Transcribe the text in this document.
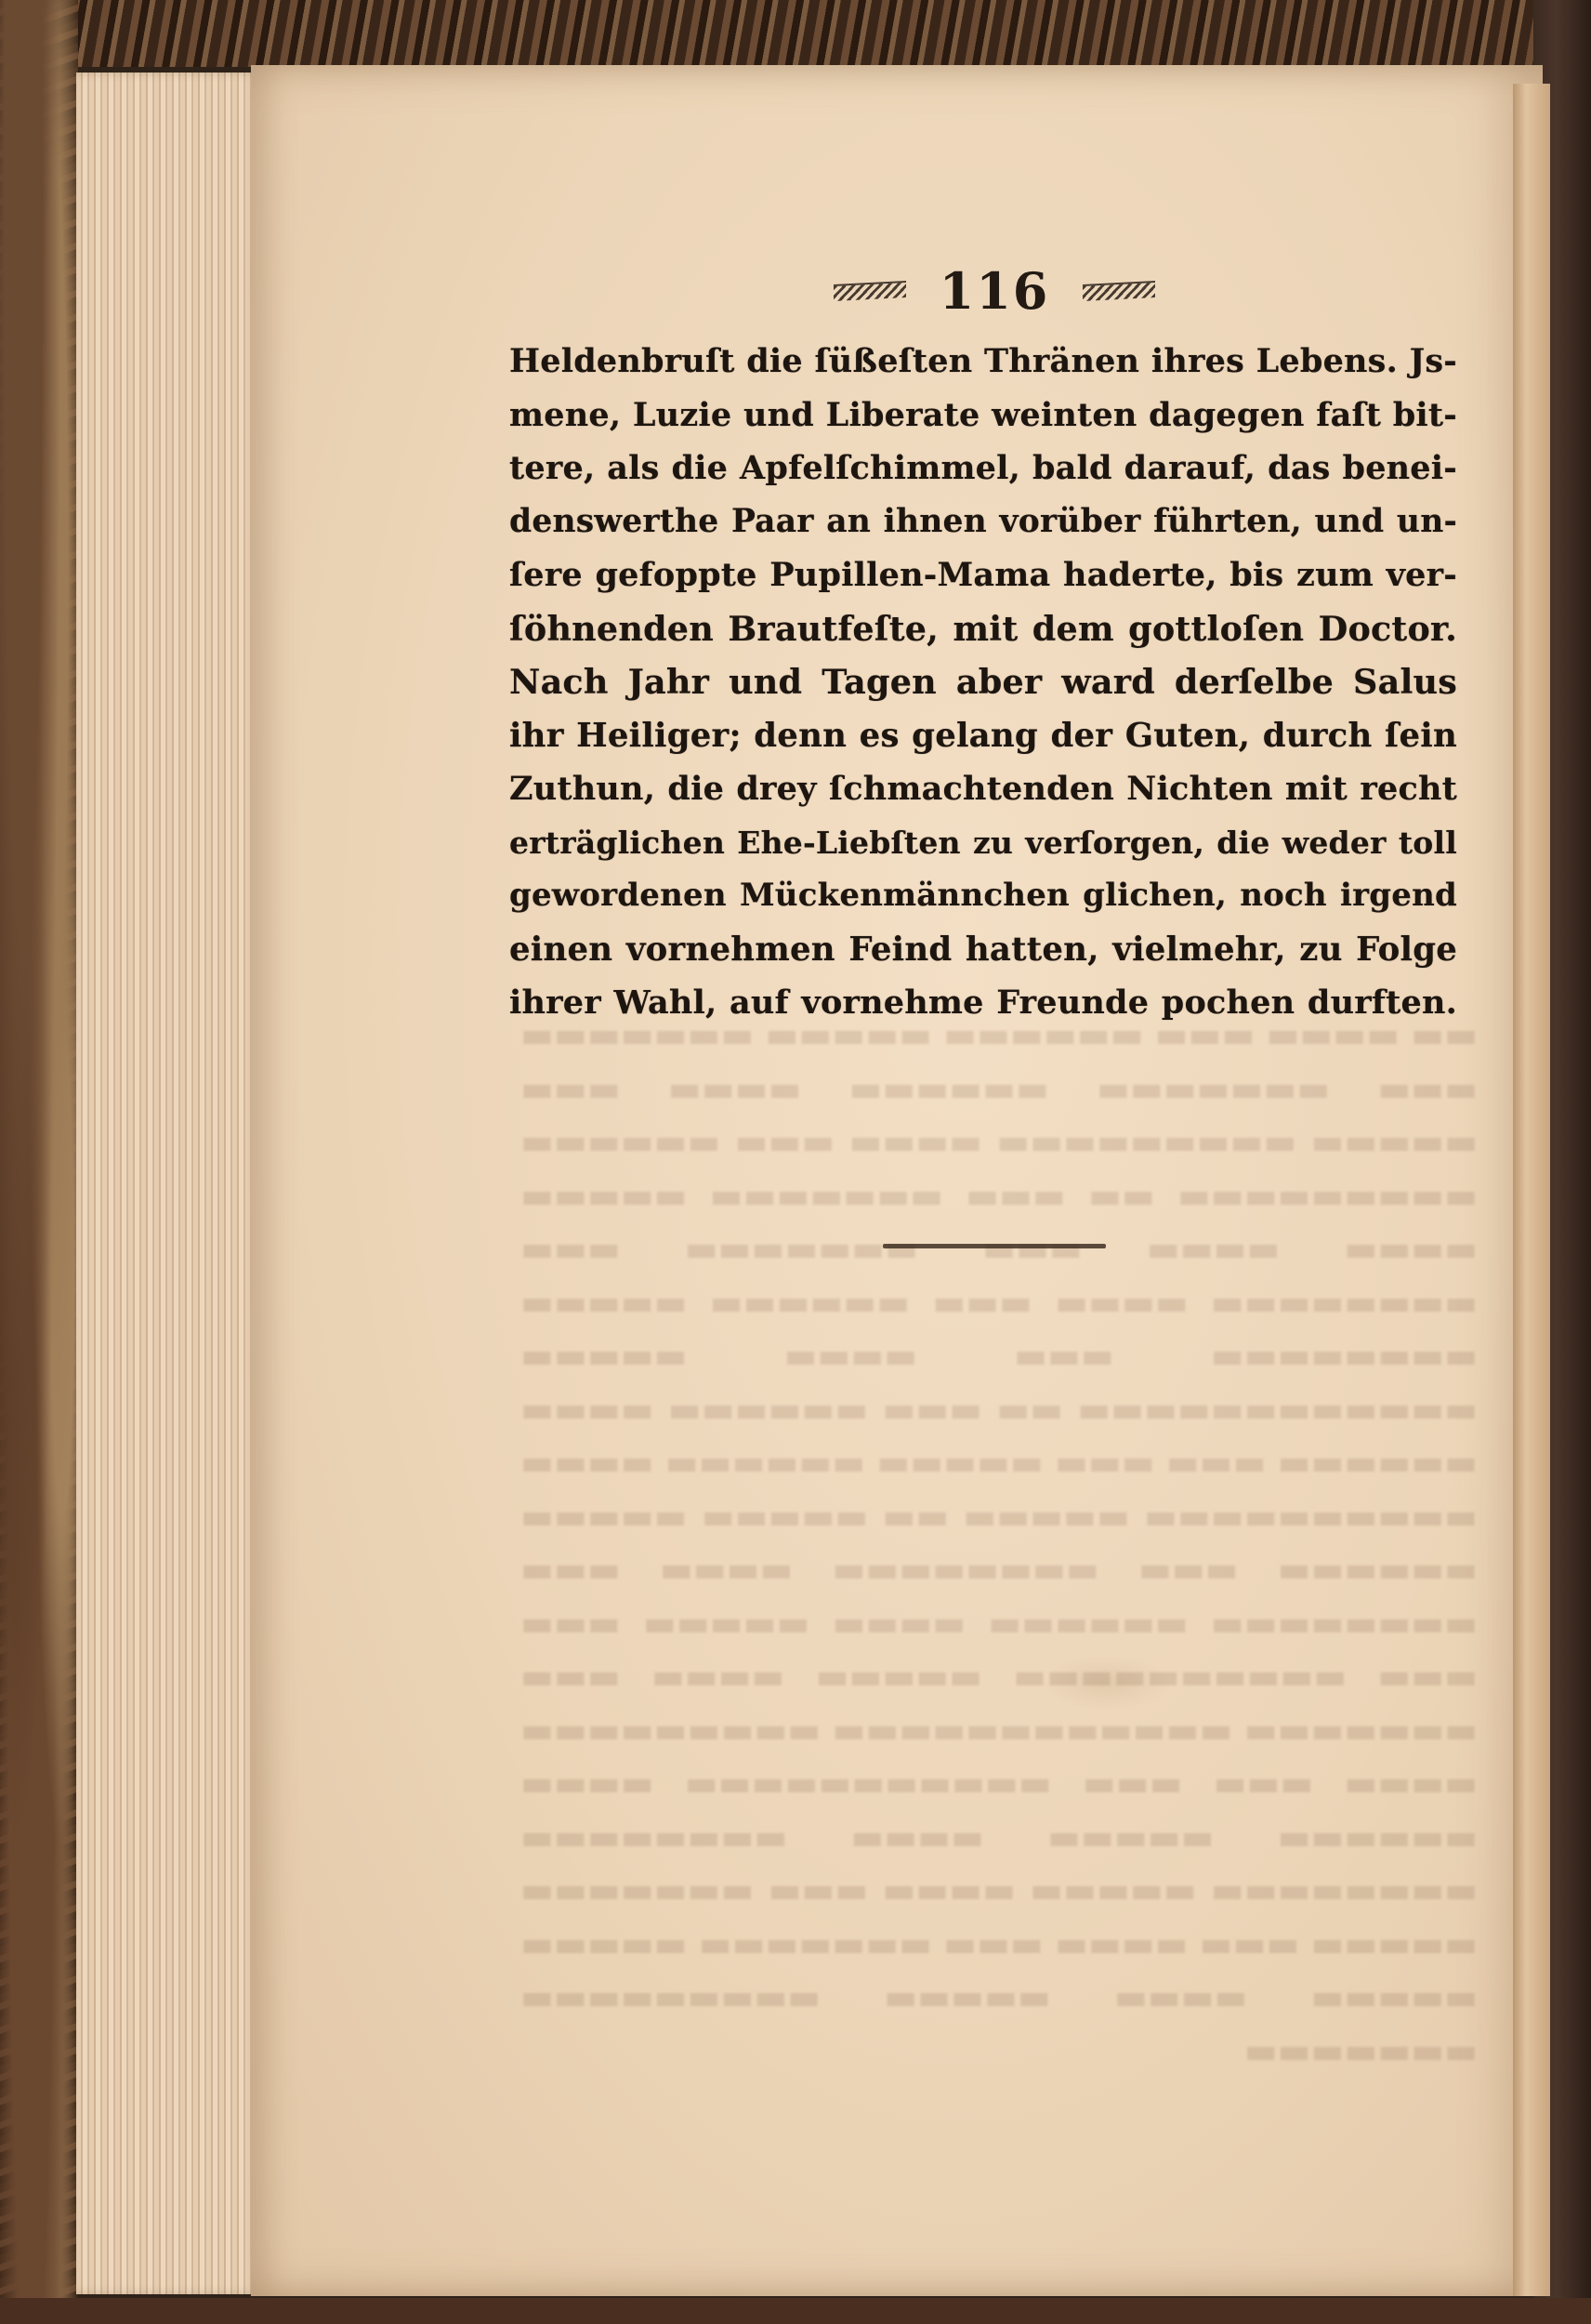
116
Heldenbruſt die ſüßeſten Thränen ihres Lebens. Js-
mene, Luzie und Liberate weinten dagegen faſt bit-
tere, als die Apfelſchimmel, bald darauf, das benei-
denswerthe Paar an ihnen vorüber führten, und un-
ſere gefoppte Pupillen-Mama haderte, bis zum ver-
ſöhnenden Brautfeſte, mit dem gottloſen Doctor.
Nach Jahr und Tagen aber ward derſelbe Salus
ihr Heiliger; denn es gelang der Guten, durch ſein
Zuthun, die drey ſchmachtenden Nichten mit recht
erträglichen Ehe-Liebſten zu verſorgen, die weder toll
gewordenen Mückenmännchen glichen, noch irgend
einen vornehmen Feind hatten, vielmehr, zu Folge
ihrer Wahl, auf vornehme Freunde pochen durften.
